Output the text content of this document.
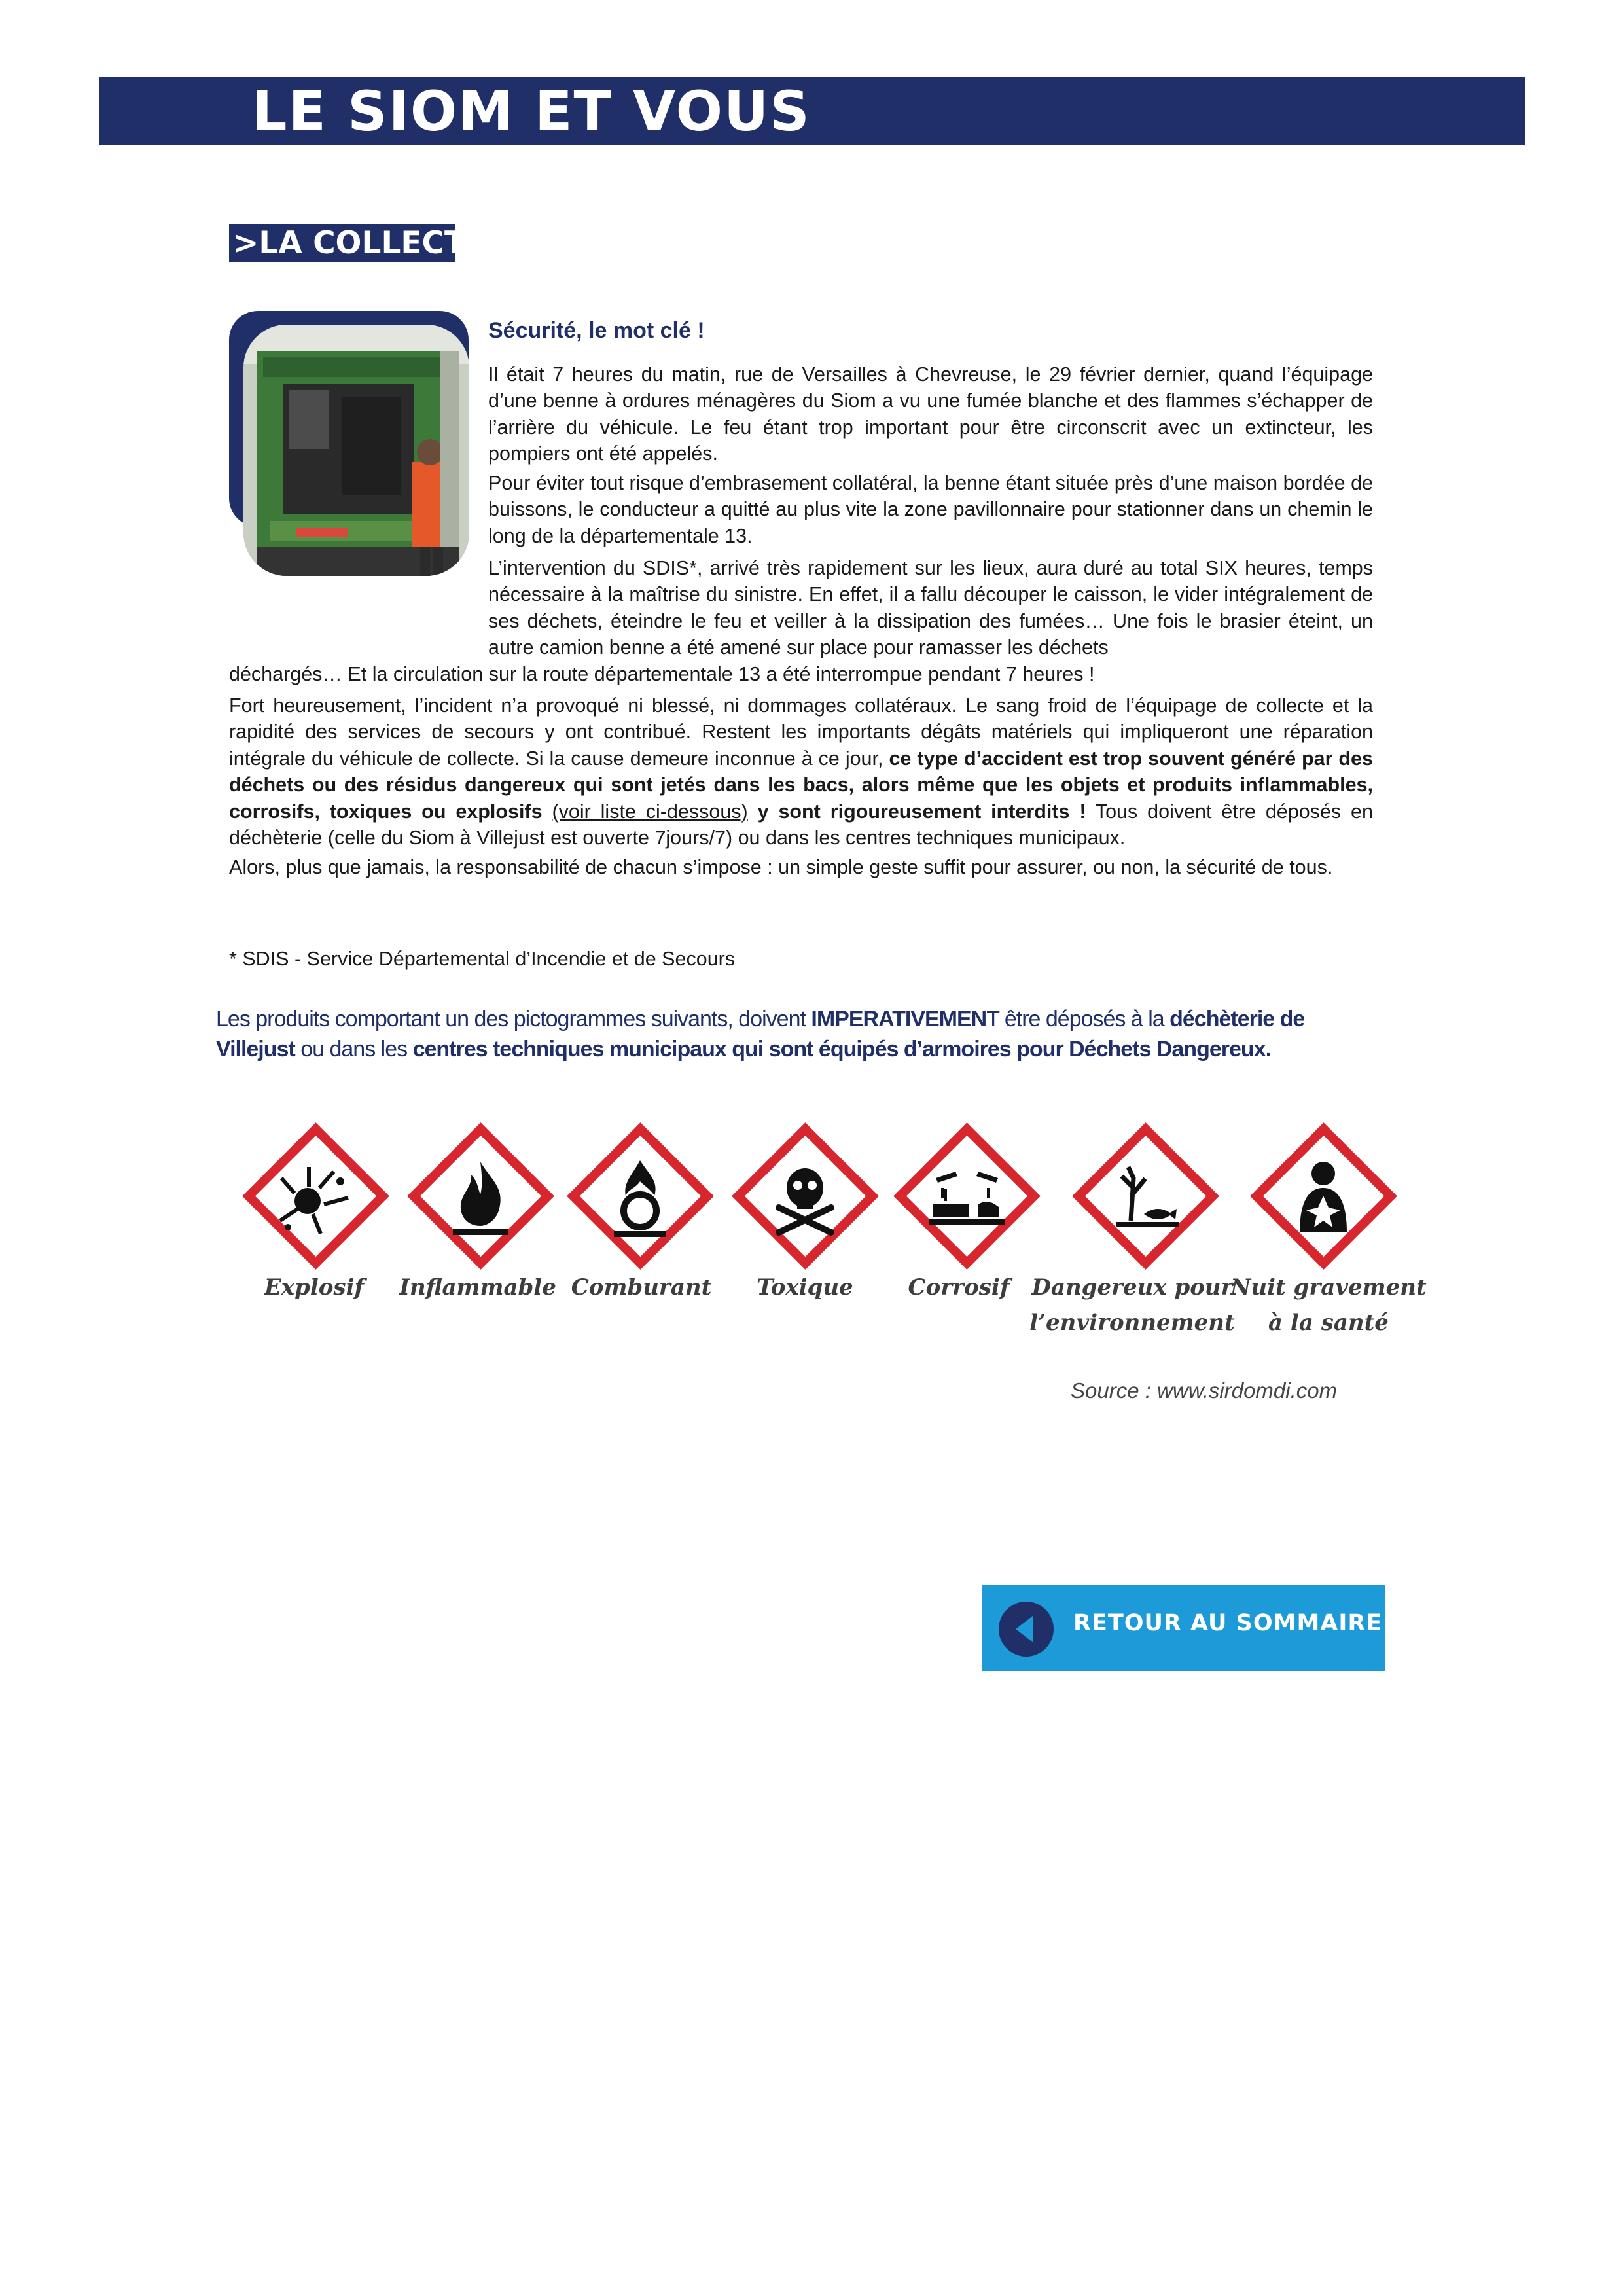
LE SIOM ET VOUS
>LA COLLECTE
Sécurité, le mot clé !

Il était 7 heures du matin, rue de Versailles à Chevreuse, le 29 février dernier, quand l’équipage d’une benne à ordures ménagères du Siom a vu une fumée blanche et des flammes s’échapper de l’arrière du véhicule. Le feu étant trop important pour être circonscrit avec un extincteur, les pompiers ont été appelés.

Pour éviter tout risque d’embrasement collatéral, la benne étant située près d’une maison bordée de buissons, le conducteur a quitté au plus vite la zone pavillonnaire pour stationner dans un chemin le long de la départementale 13.

L’intervention du SDIS*, arrivé très rapidement sur les lieux, aura duré au total SIX heures, temps nécessaire à la maîtrise du sinistre. En effet, il a fallu découper le caisson, le vider intégralement de ses déchets, éteindre le feu et veiller à la dissipation des fumées… Une fois le brasier éteint, un autre camion benne a été amené sur place pour ramasser les déchets

déchargés… Et la circulation sur la route départementale 13 a été interrompue pendant 7 heures !

Fort heureusement, l’incident n’a provoqué ni blessé, ni dommages collatéraux. Le sang froid de l’équipage de collecte et la rapidité des services de secours y ont contribué. Restent les importants dégâts matériels qui impliqueront une réparation intégrale du véhicule de collecte. Si la cause demeure inconnue à ce jour, ce type d’accident est trop souvent généré par des déchets ou des résidus dangereux qui sont jetés dans les bacs, alors même que les objets et produits inflammables, corrosifs, toxiques ou explosifs (voir liste ci-dessous) y sont rigoureusement interdits ! Tous doivent être déposés en déchèterie (celle du Siom à Villejust est ouverte 7jours/7) ou dans les centres techniques municipaux.

Alors, plus que jamais, la responsabilité de chacun s’impose : un simple geste suffit pour assurer, ou non, la sécurité de tous.

* SDIS - Service Départemental d’Incendie et de Secours

Les produits comportant un des pictogrammes suivants, doivent IMPERATIVEMENT être déposés à la déchèterie de Villejust ou dans les centres techniques municipaux qui sont équipés d’armoires pour Déchets Dangereux.
Explosif	Inflammable Comburant	Toxique	Corrosif Dangereux pour
l’environnement
Nuit gravement
à la santé
Source : www.sirdomdi.com
RETOUR AU SOMMAIRE
